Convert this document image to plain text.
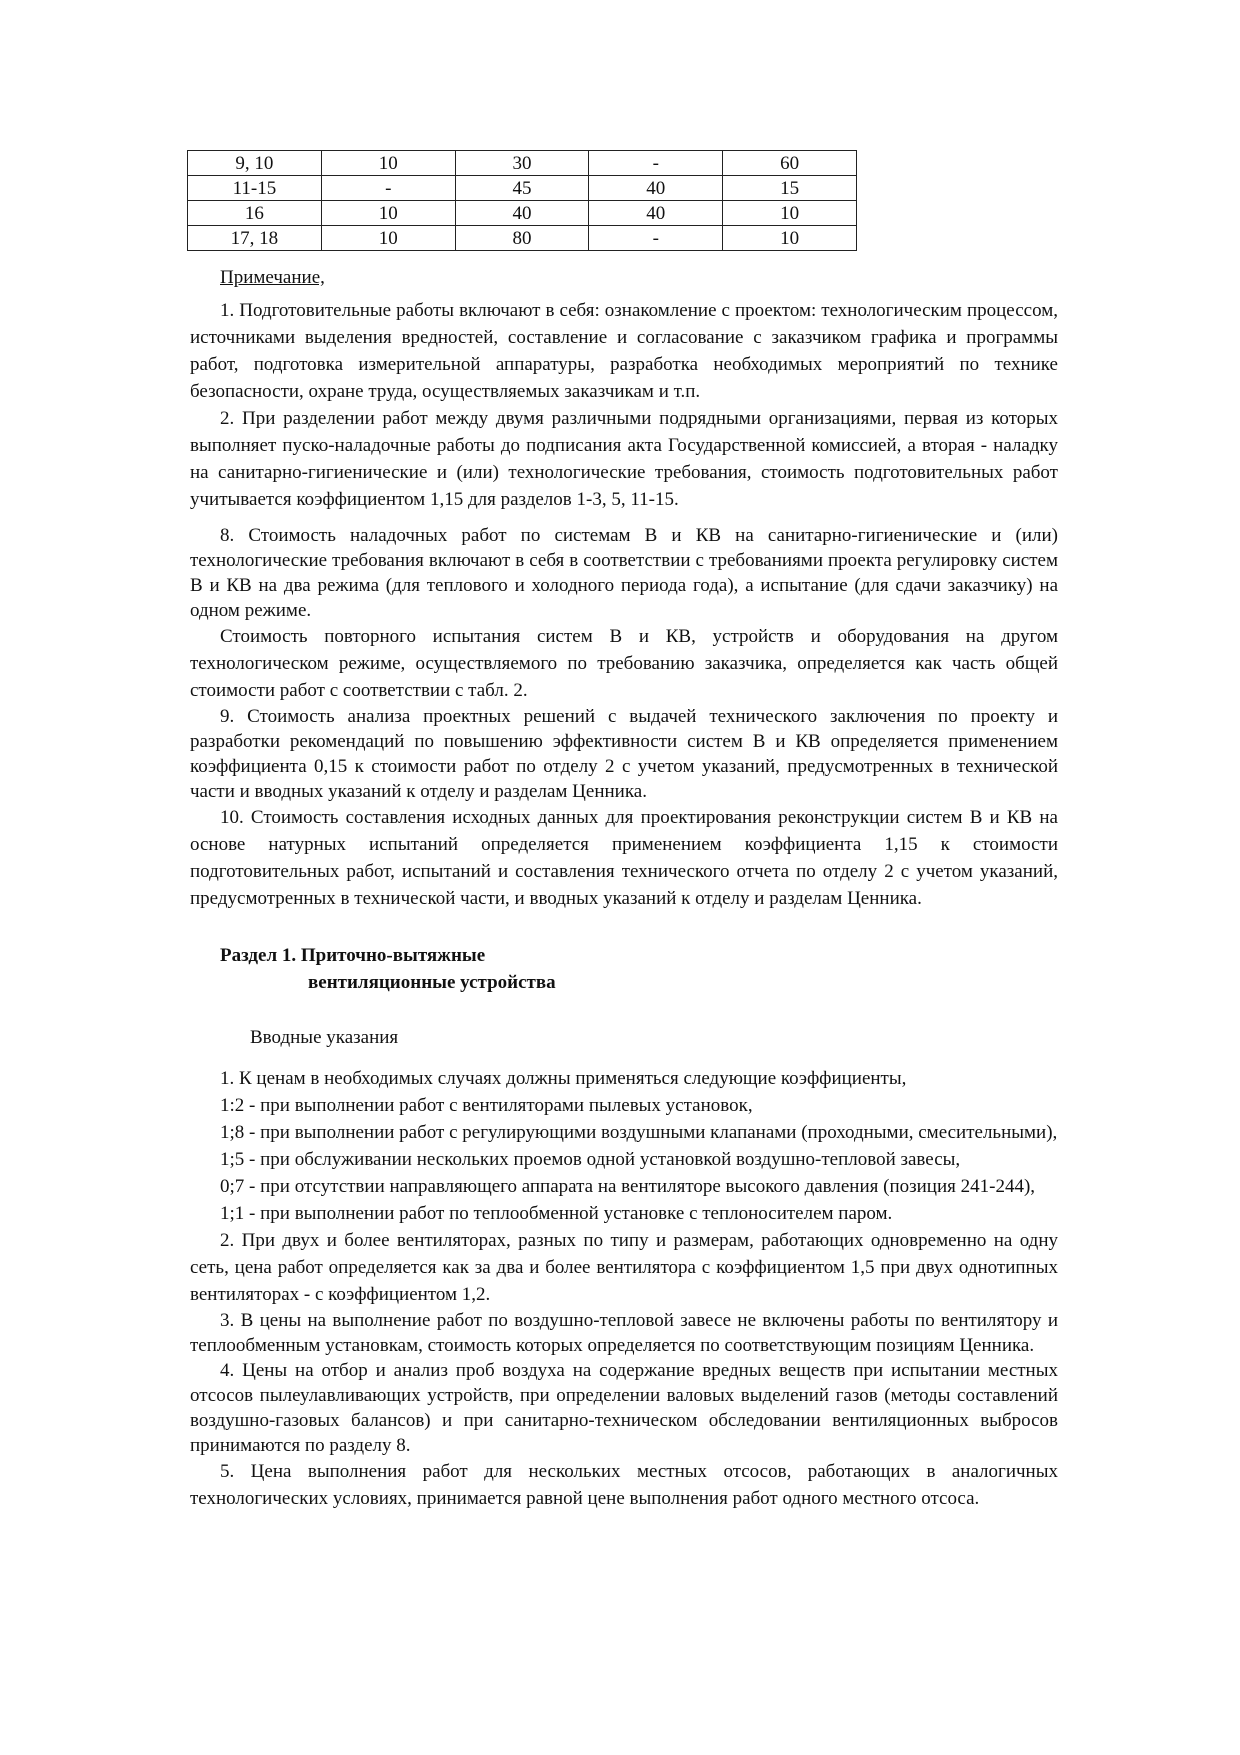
9, 10	10	30	-	60
11-15	-	45	40	15
16	10	40	40	10
17, 18	10	80	-	10
Примечание,

1. Подготовительные работы включают в себя: ознакомление с проектом: технологическим процессом, источниками выделения вредностей, составление и согласование с заказчиком графика и программы работ, подготовка измерительной аппаратуры, разработка необходимых мероприятий по технике безопасности, охране труда, осуществляемых заказчикам и т.п.

2. При разделении работ между двумя различными подрядными организациями, первая из которых выполняет пуско-наладочные работы до подписания акта Государственной комиссией, а вторая - наладку на санитарно-гигиенические и (или) технологические требования, стоимость подготовительных работ учитывается коэффициентом 1,15 для разделов 1-3, 5, 11-15.

8. Стоимость наладочных работ по системам В и КВ на санитарно-гигиенические и (или) технологические требования включают в себя в соответствии с требованиями проекта регулировку систем В и КВ на два режима (для теплового и холодного периода года), а испытание (для сдачи заказчику) на одном режиме.

Стоимость повторного испытания систем В и КВ, устройств и оборудования на другом технологическом режиме, осуществляемого по требованию заказчика, определяется как часть общей стоимости работ с соответствии с табл. 2.

9. Стоимость анализа проектных решений с выдачей технического заключения по проекту и разработки рекомендаций по повышению эффективности систем В и КВ определяется применением коэффициента 0,15 к стоимости работ по отделу 2 с учетом указаний, предусмотренных в технической части и вводных указаний к отделу и разделам Ценника.

10. Стоимость составления исходных данных для проектирования реконструкции систем В и КВ на основе натурных испытаний определяется применением коэффициента 1,15 к стоимости подготовительных работ, испытаний и составления технического отчета по отделу 2 с учетом указаний, предусмотренных в технической части, и вводных указаний к отделу и разделам Ценника.

Раздел 1. Приточно-вытяжные
вентиляционные устройства
Вводные указания

1. К ценам в необходимых случаях должны применяться следующие коэффициенты,

1:2 - при выполнении работ с вентиляторами пылевых установок,

1;8 - при выполнении работ с регулирующими воздушными клапанами (проходными, смесительными),

1;5 - при обслуживании нескольких проемов одной установкой воздушно-тепловой завесы,

0;7 - при отсутствии направляющего аппарата на вентиляторе высокого давления (позиция 241-244),

1;1 - при выполнении работ по теплообменной установке с теплоносителем паром.

2. При двух и более вентиляторах, разных по типу и размерам, работающих одновременно на одну сеть, цена работ определяется как за два и более вентилятора с коэффициентом 1,5 при двух однотипных вентиляторах - с коэффициентом 1,2.

3. В цены на выполнение работ по воздушно-тепловой завесе не включены работы по вентилятору и теплообменным установкам, стоимость которых определяется по соответствующим позициям Ценника.

4. Цены на отбор и анализ проб воздуха на содержание вредных веществ при испытании местных отсосов пылеулавливающих устройств, при определении валовых выделений газов (методы составлений воздушно-газовых балансов) и при санитарно-техническом обследовании вентиляционных выбросов принимаются по разделу 8.

5. Цена выполнения работ для нескольких местных отсосов, работающих в аналогичных технологических условиях, принимается равной цене выполнения работ одного местного отсоса.
